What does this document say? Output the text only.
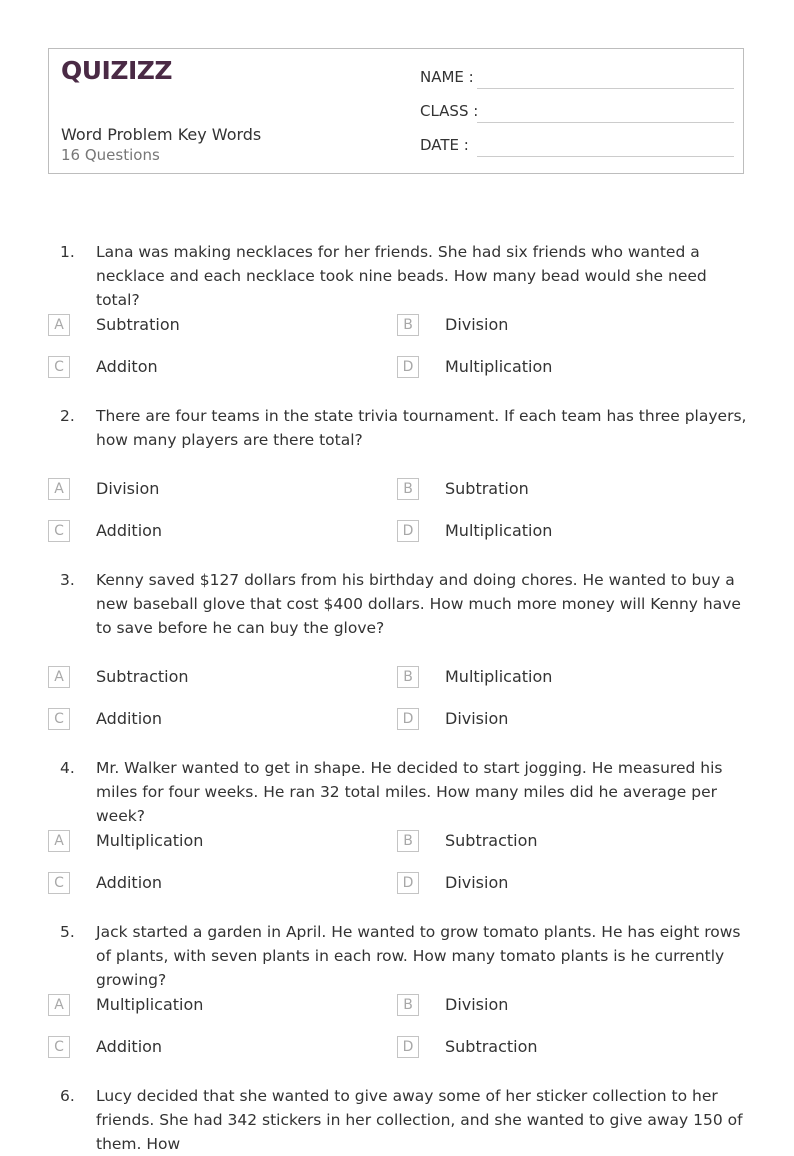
QUIZIZZ
Word Problem Key Words
16 Questions
NAME :
CLASS :
DATE :
1. Lana was making necklaces for her friends. She had six friends who wanted a necklace and each necklace took nine beads. How many bead would she need total?
A	Subtration	B	Division
C	Additon	D	Multiplication
2. There are four teams in the state trivia tournament. If each team has three players, how many players are there total?
A	Division	B	Subtration
C	Addition	D	Multiplication
3. Kenny saved $127 dollars from his birthday and doing chores. He wanted to buy a new baseball glove that cost $400 dollars. How much more money will Kenny have to save before he can buy the glove?
A	Subtraction	B	Multiplication
C	Addition	D	Division
4. Mr. Walker wanted to get in shape. He decided to start jogging. He measured his miles for four weeks. He ran 32 total miles. How many miles did he average per week?
A	Multiplication	B	Subtraction
C	Addition	D	Division
5. Jack started a garden in April. He wanted to grow tomato plants. He has eight rows of plants, with seven plants in each row. How many tomato plants is he currently growing?
A	Multiplication	B	Division
C	Addition	D	Subtraction
6. Lucy decided that she wanted to give away some of her sticker collection to her friends. She had 342 stickers in her collection, and she wanted to give away 150 of them. How
